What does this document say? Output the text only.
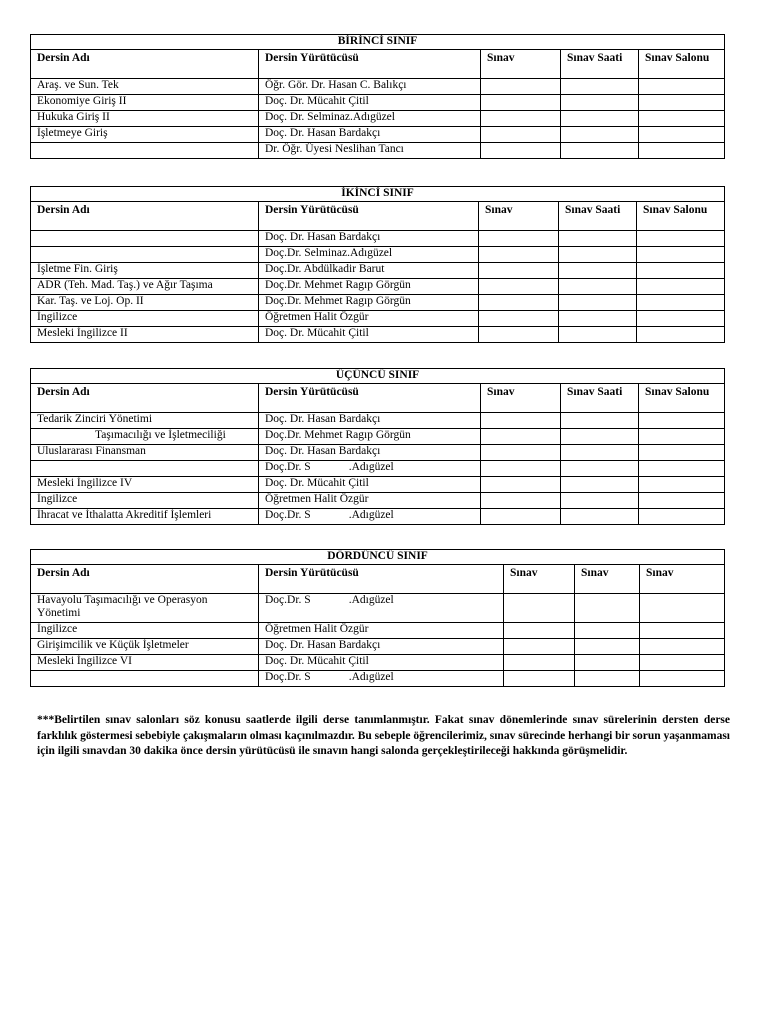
BİRİNCİ SINIF				
Dersin Adı	Dersin Yürütücüsü	Sınav	Sınav Saati	Sınav Salonu
Araş. ve Sun. Tek	Öğr. Gör. Dr. Hasan C. Balıkçı			
Ekonomiye Giriş II	Doç. Dr. Mücahit Çitil			
Hukuka Giriş II	Doç. Dr. Selminaz.Adıgüzel			
İşletmeye Giriş	Doç. Dr. Hasan Bardakçı			
	Dr. Öğr. Üyesi Neslihan Tancı			
İKİNCİ SINIF				
Dersin Adı	Dersin Yürütücüsü	Sınav	Sınav Saati	Sınav Salonu
	Doç. Dr. Hasan Bardakçı			
	Doç.Dr. Selminaz.Adıgüzel			
İşletme Fin. Giriş	Doç.Dr. Abdülkadir Barut			
ADR (Teh. Mad. Taş.) ve Ağır Taşıma	Doç.Dr. Mehmet Ragıp Görgün			
Kar. Taş. ve Loj. Op. II	Doç.Dr. Mehmet Ragıp Görgün			
İngilizce	Öğretmen Halit Özgür			
Mesleki İngilizce II	Doç. Dr. Mücahit Çitil			
ÜÇÜNCÜ SINIF				
Dersin Adı	Dersin Yürütücüsü	Sınav	Sınav Saati	Sınav Salonu
Tedarik Zinciri Yönetimi	Doç. Dr. Hasan Bardakçı			
Taşımacılığı ve İşletmeciliği	Doç.Dr. Mehmet Ragıp Görgün			
Uluslararası Finansman	Doç. Dr. Hasan Bardakçı			
	Doç.Dr. S .Adıgüzel			
Mesleki İngilizce IV	Doç. Dr. Mücahit Çitil			
İngilizce	Öğretmen Halit Özgür			
İhracat ve İthalatta Akreditif İşlemleri	Doç.Dr. S .Adıgüzel			
DÖRDÜNCÜ SINIF				
Dersin Adı	Dersin Yürütücüsü	Sınav	Sınav	Sınav
Havayolu Taşımacılığı ve Operasyon Yönetimi	Doç.Dr. S .Adıgüzel			
İngilizce	Öğretmen Halit Özgür			
Girişimcilik ve Küçük İşletmeler	Doç. Dr. Hasan Bardakçı			
Mesleki İngilizce VI	Doç. Dr. Mücahit Çitil			
	Doç.Dr. S .Adıgüzel			

***Belirtilen sınav salonları söz konusu saatlerde ilgili derse tanımlanmıştır. Fakat sınav dönemlerinde sınav sürelerinin dersten derse farklılık göstermesi sebebiyle çakışmaların olması kaçınılmazdır. Bu sebeple öğrencilerimiz, sınav sürecinde herhangi bir sorun yaşanmaması için ilgili sınavdan 30 dakika önce dersin yürütücüsü ile sınavın hangi salonda gerçekleştirileceği hakkında görüşmelidir.
